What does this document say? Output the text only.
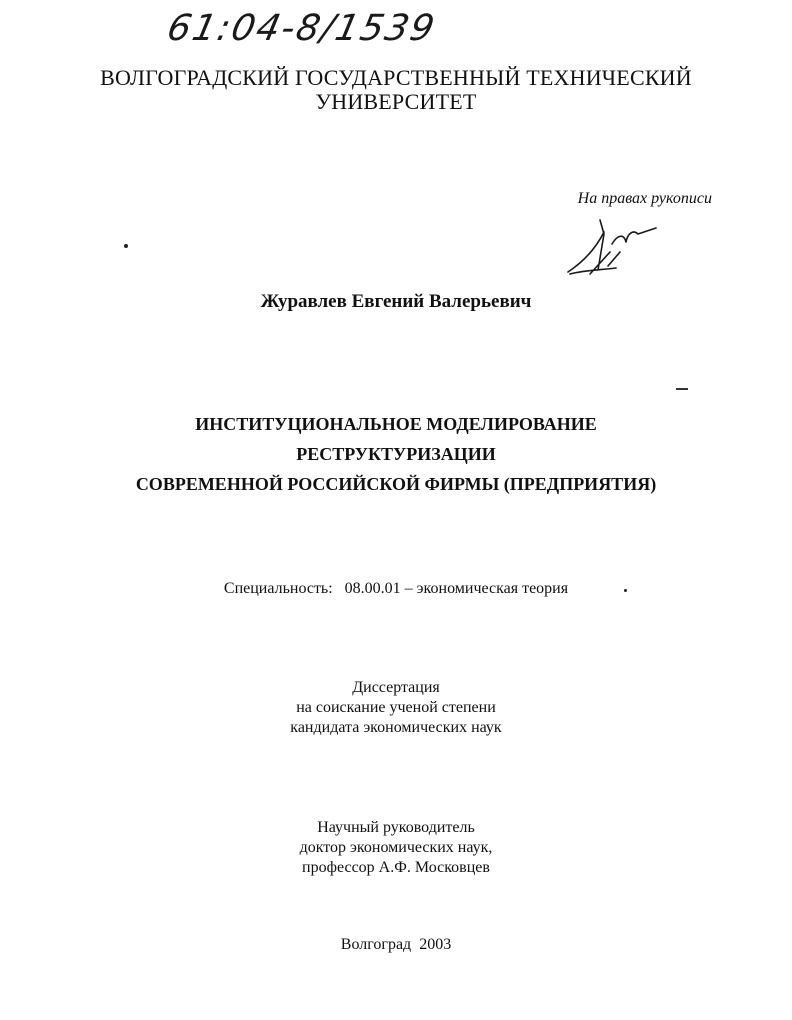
61:04-8/1539
ВОЛГОГРАДСКИЙ ГОСУДАРСТВЕННЫЙ ТЕХНИЧЕСКИЙ
УНИВЕРСИТЕТ
На правах рукописи
Журавлев Евгений Валерьевич
ИНСТИТУЦИОНАЛЬНОЕ МОДЕЛИРОВАНИЕ
РЕСТРУКТУРИЗАЦИИ
СОВРЕМЕННОЙ РОССИЙСКОЙ ФИРМЫ (ПРЕДПРИЯТИЯ)
Специальность:   08.00.01 – экономическая теория
Диссертация
на соискание ученой степени
кандидата экономических наук
Научный руководитель
доктор экономических наук,
профессор А.Ф. Московцев
Волгоград  2003
